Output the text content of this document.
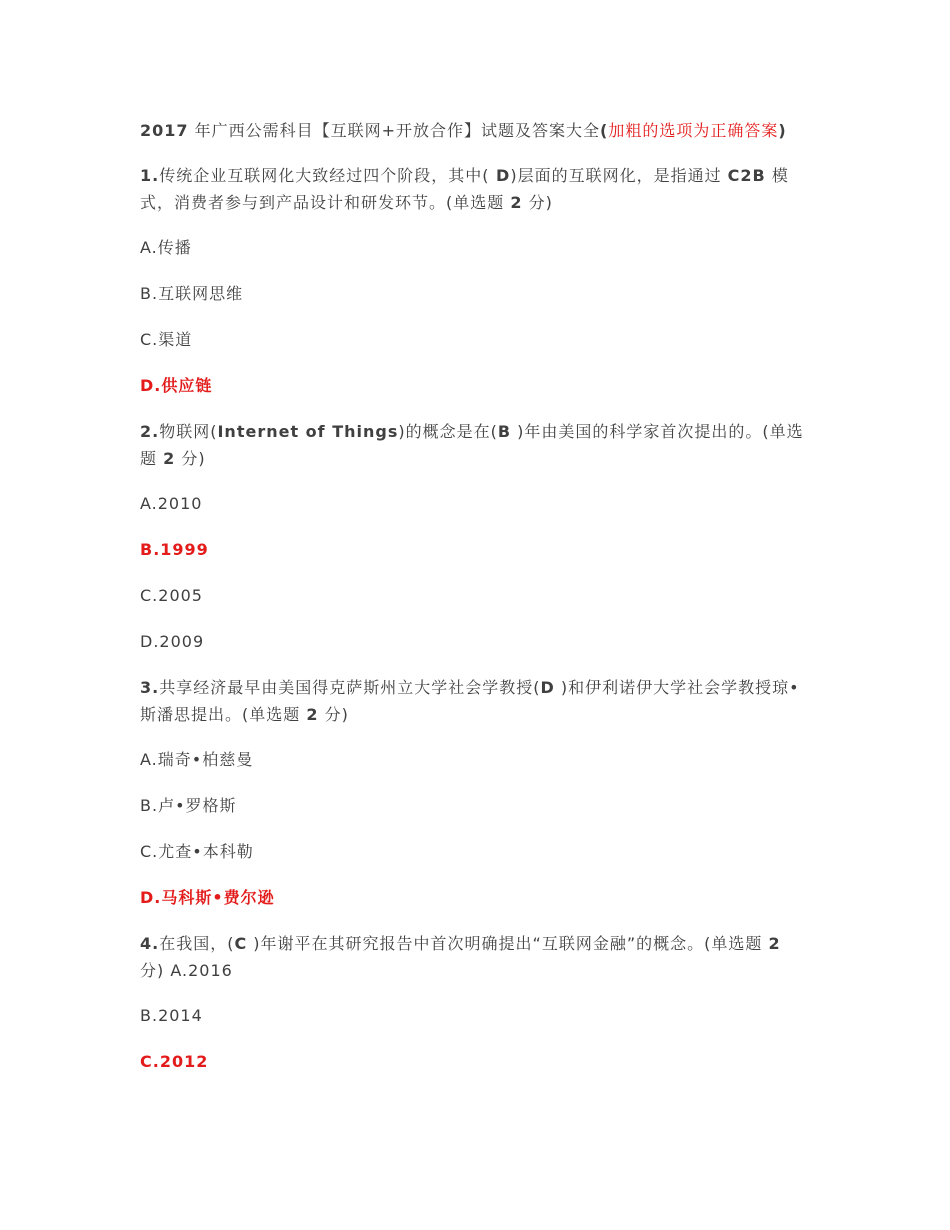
2017 年广西公需科目【互联网+开放合作】试题及答案大全(加粗的选项为正确答案)

1.传统企业互联网化大致经过四个阶段，其中( D)层面的互联网化，是指通过 C2B 模式，消费者参与到产品设计和研发环节。(单选题 2 分)

A.传播

B.互联网思维

C.渠道

D.供应链

2.物联网(Internet of Things)的概念是在(B )年由美国的科学家首次提出的。(单选题 2 分)

A.2010

B.1999

C.2005

D.2009

3.共享经济最早由美国得克萨斯州立大学社会学教授(D )和伊利诺伊大学社会学教授琼•斯潘思提出。(单选题 2 分)

A.瑞奇•柏慈曼

B.卢•罗格斯

C.尤查•本科勒

D.马科斯•费尔逊

4.在我国，(C )年谢平在其研究报告中首次明确提出“互联网金融”的概念。(单选题 2 分) A.2016

B.2014

C.2012
